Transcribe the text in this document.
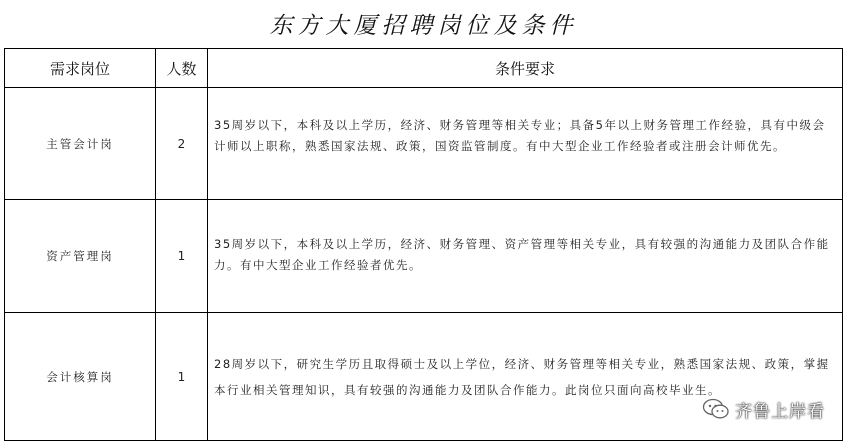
东方大厦招聘岗位及条件
需求岗位	人数	条件要求
主管会计岗	2	35周岁以下，本科及以上学历，经济、财务管理等相关专业；具备5年以上财务管理工作经验，具有中级会计师以上职称，熟悉国家法规、政策，国资监管制度。有中大型企业工作经验者或注册会计师优先。

资产管理岗	1	35周岁以下，本科及以上学历，经济、财务管理、资产管理等相关专业，具有较强的沟通能力及团队合作能力。有中大型企业工作经验者优先。

会计核算岗	1	28周岁以下，研究生学历且取得硕士及以上学位，经济、财务管理等相关专业，熟悉国家法规、政策，掌握本行业相关管理知识，具有较强的沟通能力及团队合作能力。此岗位只面向高校毕业生。
齐鲁上岸看
